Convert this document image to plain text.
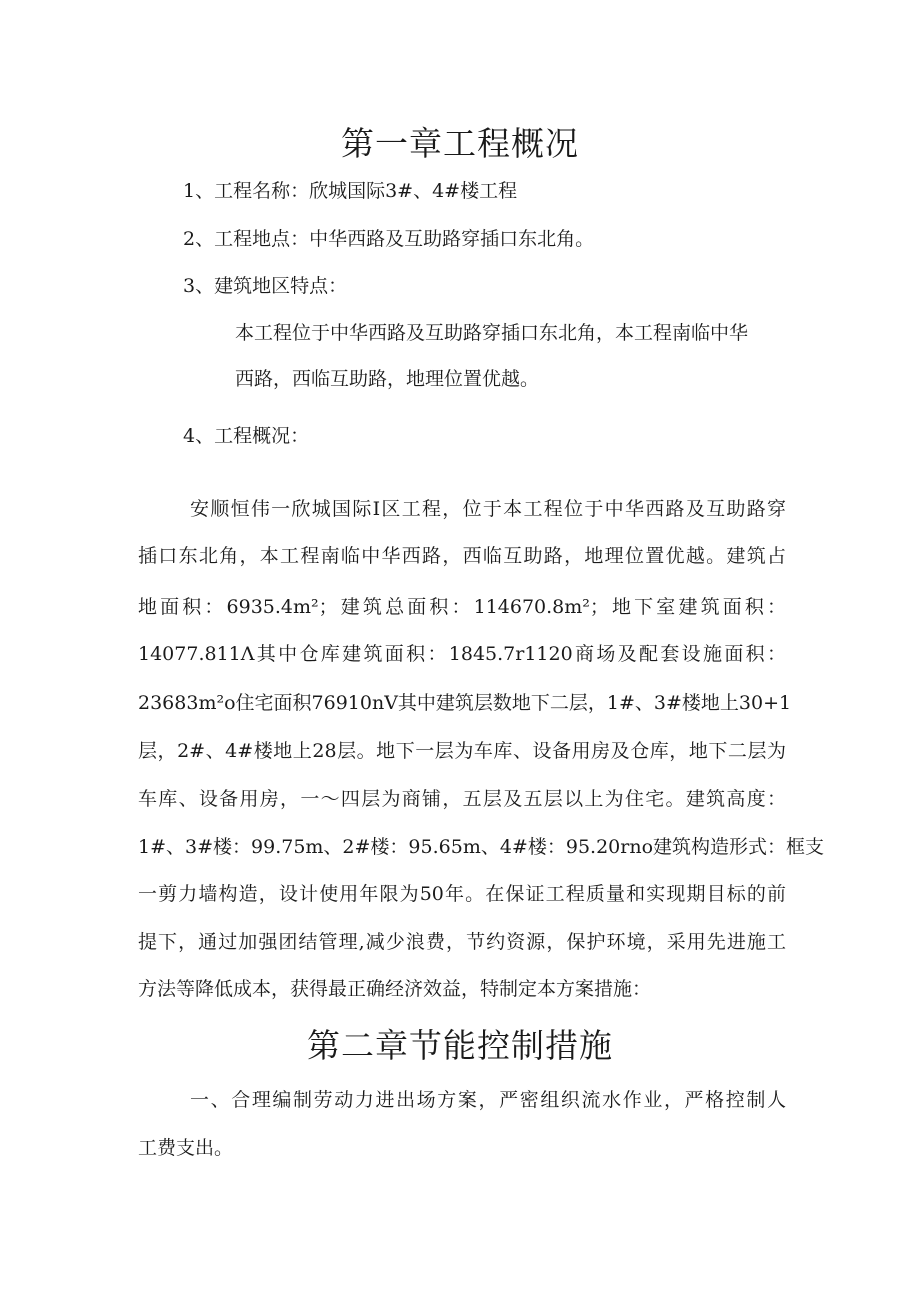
第一章工程概况
1、工程名称：欣城国际3#、4#楼工程
2、工程地点：中华西路及互助路穿插口东北角。
3、建筑地区特点：
本工程位于中华西路及互助路穿插口东北角，本工程南临中华
西路，西临互助路，地理位置优越。
4、工程概况：
安顺恒伟一欣城国际I区工程，位于本工程位于中华西路及互助路穿
插口东北角，本工程南临中华西路，西临互助路，地理位置优越。建筑占
地面积：6935.4m²；建筑总面积：114670.8m²；地下室建筑面积：
14077.811Λ其中仓库建筑面积：1845.7r1120商场及配套设施面积：
23683m²o住宅面积76910nV其中建筑层数地下二层，1#、3#楼地上30+1
层，2#、4#楼地上28层。地下一层为车库、设备用房及仓库，地下二层为
车库、设备用房，一～四层为商铺，五层及五层以上为住宅。建筑高度：
1#、3#楼：99.75m、2#楼：95.65m、4#楼：95.20rno建筑构造形式：框支
一剪力墙构造，设计使用年限为50年。在保证工程质量和实现期目标的前
提下，通过加强团结管理,减少浪费，节约资源，保护环境，采用先进施工
方法等降低成本，获得最正确经济效益，特制定本方案措施：
第二章节能控制措施
一、合理编制劳动力进出场方案，严密组织流水作业，严格控制人
工费支出。
